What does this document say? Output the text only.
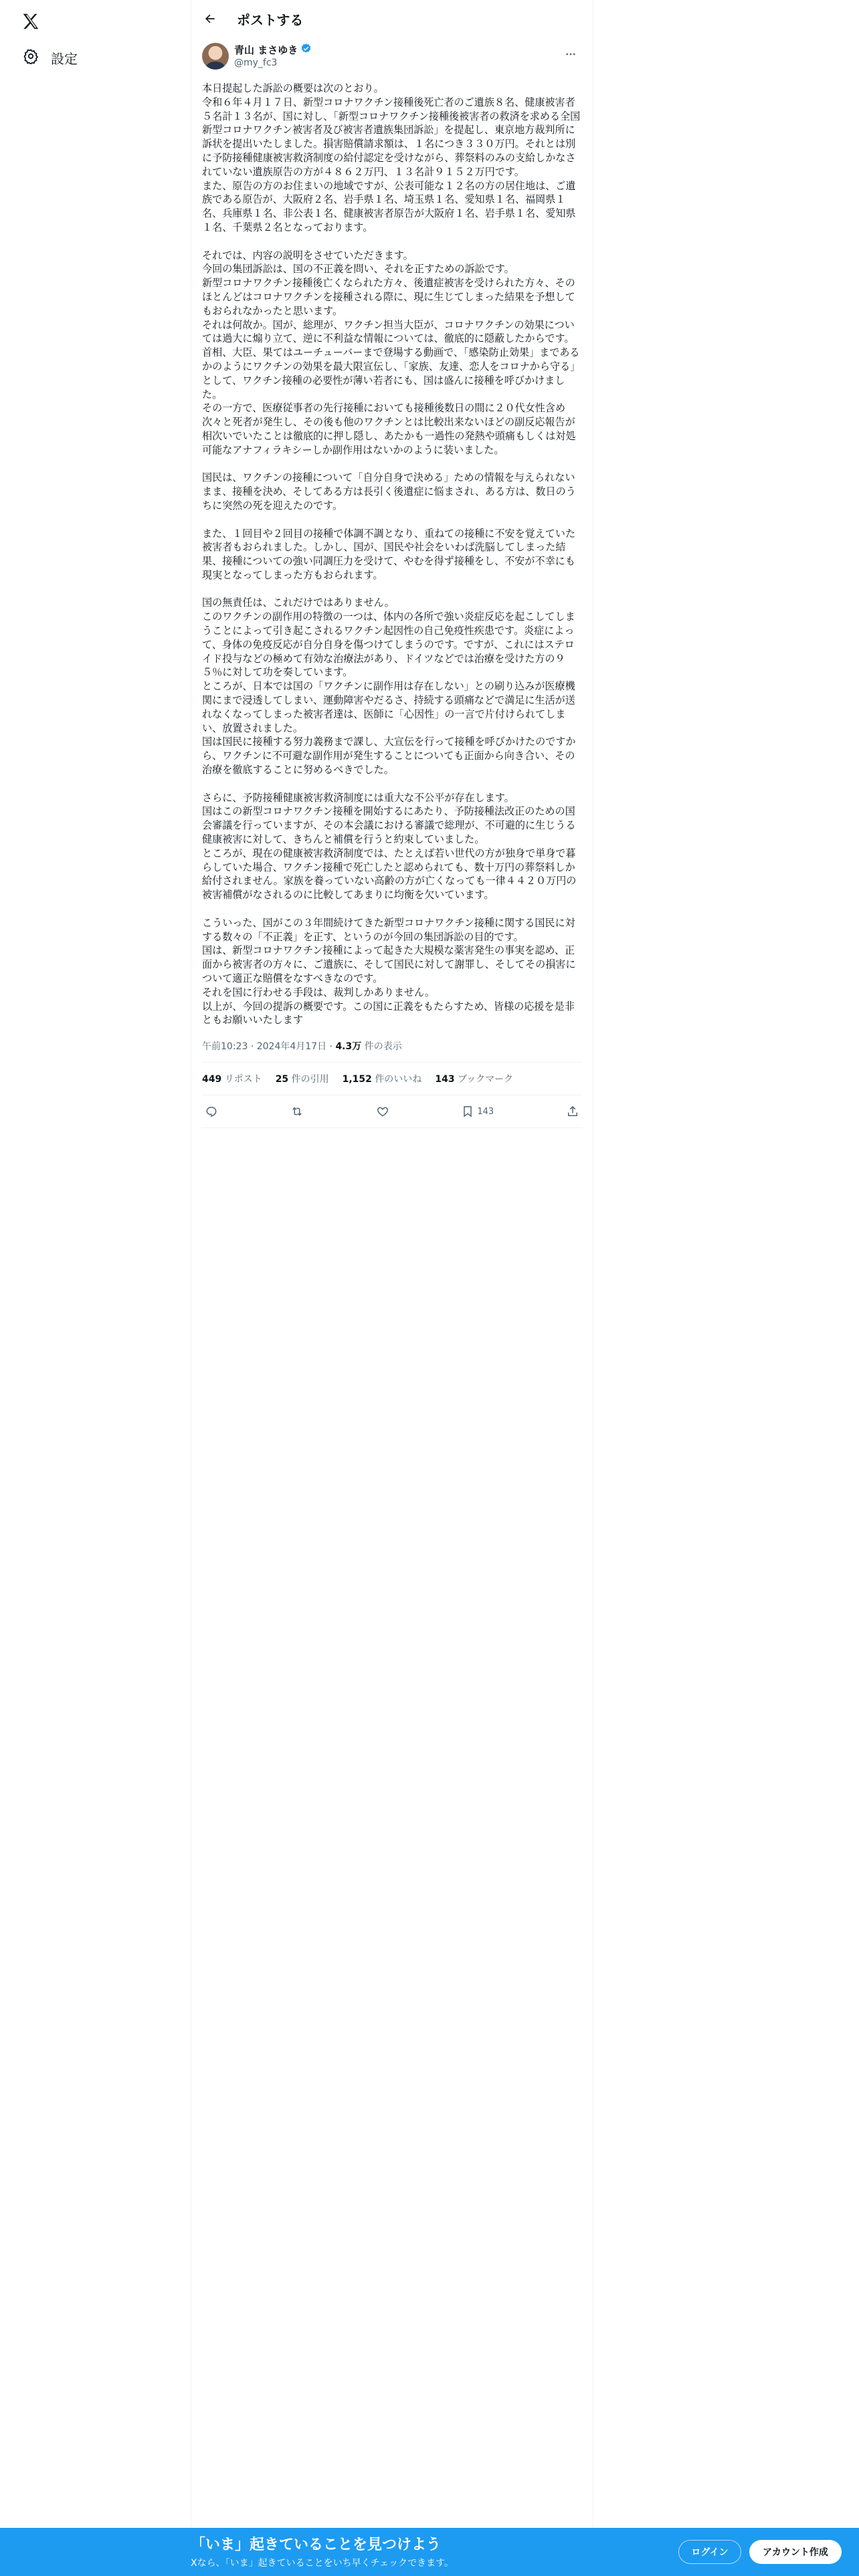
設定
ポストする
青山 まさゆき
@my_fc3
本日提起した訴訟の概要は次のとおり。
令和６年４月１７日、新型コロナワクチン接種後死亡者のご遺族８名、健康被害者５名計１３名が、国に対し、「新型コロナワクチン接種後被害者の救済を求める全国新型コロナワクチン被害者及び被害者遺族集団訴訟」を提起し、東京地方裁判所に訴状を提出いたしました。損害賠償請求額は、１名につき３３０万円。それとは別に予防接種健康被害救済制度の給付認定を受けながら、葬祭料のみの支給しかなされていない遺族原告の方が４８６２万円、１３名計９１５２万円です。
また、原告の方のお住まいの地域ですが、公表可能な１２名の方の居住地は、ご遺族である原告が、大阪府２名、岩手県１名、埼玉県１名、愛知県１名、福岡県１名、兵庫県１名、非公表１名、健康被害者原告が大阪府１名、岩手県１名、愛知県１名、千葉県２名となっております。

それでは、内容の説明をさせていただきます。
今回の集団訴訟は、国の不正義を問い、それを正すための訴訟です。
新型コロナワクチン接種後亡くなられた方々、後遺症被害を受けられた方々、そのほとんどはコロナワクチンを接種される際に、現に生じてしまった結果を予想してもおられなかったと思います。
それは何故か。国が、総理が、ワクチン担当大臣が、コロナワクチンの効果については過大に煽り立て、逆に不利益な情報については、徹底的に隠蔽したからです。
首相、大臣、果てはユーチューバーまで登場する動画で、「感染防止効果」まであるかのようにワクチンの効果を最大限宣伝し、「家族、友達、恋人をコロナから守る」として、ワクチン接種の必要性が薄い若者にも、国は盛んに接種を呼びかけました。
その一方で、医療従事者の先行接種においても接種後数日の間に２０代女性含め次々と死者が発生し、その後も他のワクチンとは比較出来ないほどの副反応報告が相次いでいたことは徹底的に押し隠し、あたかも一過性の発熱や頭痛もしくは対処可能なアナフィラキシーしか副作用はないかのように装いました。

国民は、ワクチンの接種について「自分自身で決める」ための情報を与えられないまま、接種を決め、そしてある方は長引く後遺症に悩まされ、ある方は、数日のうちに突然の死を迎えたのです。

また、１回目や２回目の接種で体調不調となり、重ねての接種に不安を覚えていた被害者もおられました。しかし、国が、国民や社会をいわば洗脳してしまった結果、接種についての強い同調圧力を受けて、やむを得ず接種をし、不安が不幸にも現実となってしまった方もおられます。

国の無責任は、これだけではありません。
このワクチンの副作用の特徴の一つは、体内の各所で強い炎症反応を起こしてしまうことによって引き起こされるワクチン起因性の自己免疫性疾患です。炎症によって、身体の免疫反応が自分自身を傷つけてしまうのです。ですが、これにはステロイド投与などの極めて有効な治療法があり、ドイツなどでは治療を受けた方の９５％に対して功を奏しています。
ところが、日本では国の「ワクチンに副作用は存在しない」との刷り込みが医療機関にまで浸透してしまい、運動障害やだるさ、持続する頭痛などで満足に生活が送れなくなってしまった被害者達は、医師に「心因性」の一言で片付けられてしまい、放置されました。
国は国民に接種する努力義務まで課し、大宣伝を行って接種を呼びかけたのですから、ワクチンに不可避な副作用が発生することについても正面から向き合い、その治療を徹底することに努めるべきでした。

さらに、予防接種健康被害救済制度には重大な不公平が存在します。
国はこの新型コロナワクチン接種を開始するにあたり、予防接種法改正のための国会審議を行っていますが、その本会議における審議で総理が、不可避的に生じうる健康被害に対して、きちんと補償を行うと約束していました。
ところが、現在の健康被害救済制度では、たとえば若い世代の方が独身で単身で暮らしていた場合、ワクチン接種で死亡したと認められても、数十万円の葬祭料しか給付されません。家族を養っていない高齢の方が亡くなっても一律４４２０万円の被害補償がなされるのに比較してあまりに均衡を欠いています。

こういった、国がこの３年間続けてきた新型コロナワクチン接種に関する国民に対する数々の「不正義」を正す、というのが今回の集団訴訟の目的です。
国は、新型コロナワクチン接種によって起きた大規模な薬害発生の事実を認め、正面から被害者の方々に、ご遺族に、そして国民に対して謝罪し、そしてその損害について適正な賠償をなすべきなのです。
それを国に行わせる手段は、裁判しかありません。
以上が、今回の提訴の概要です。この国に正義をもたらすため、皆様の応援を是非ともお願いいたします
午前10:23 · 2024年4月17日 · 4.3万 件の表示
449 リポスト 25 件の引用 1,152 件のいいね 143 ブックマーク
143
「いま」起きていることを見つけよう
Xなら、「いま」起きていることをいち早くチェックできます。
ログイン	アカウント作成
